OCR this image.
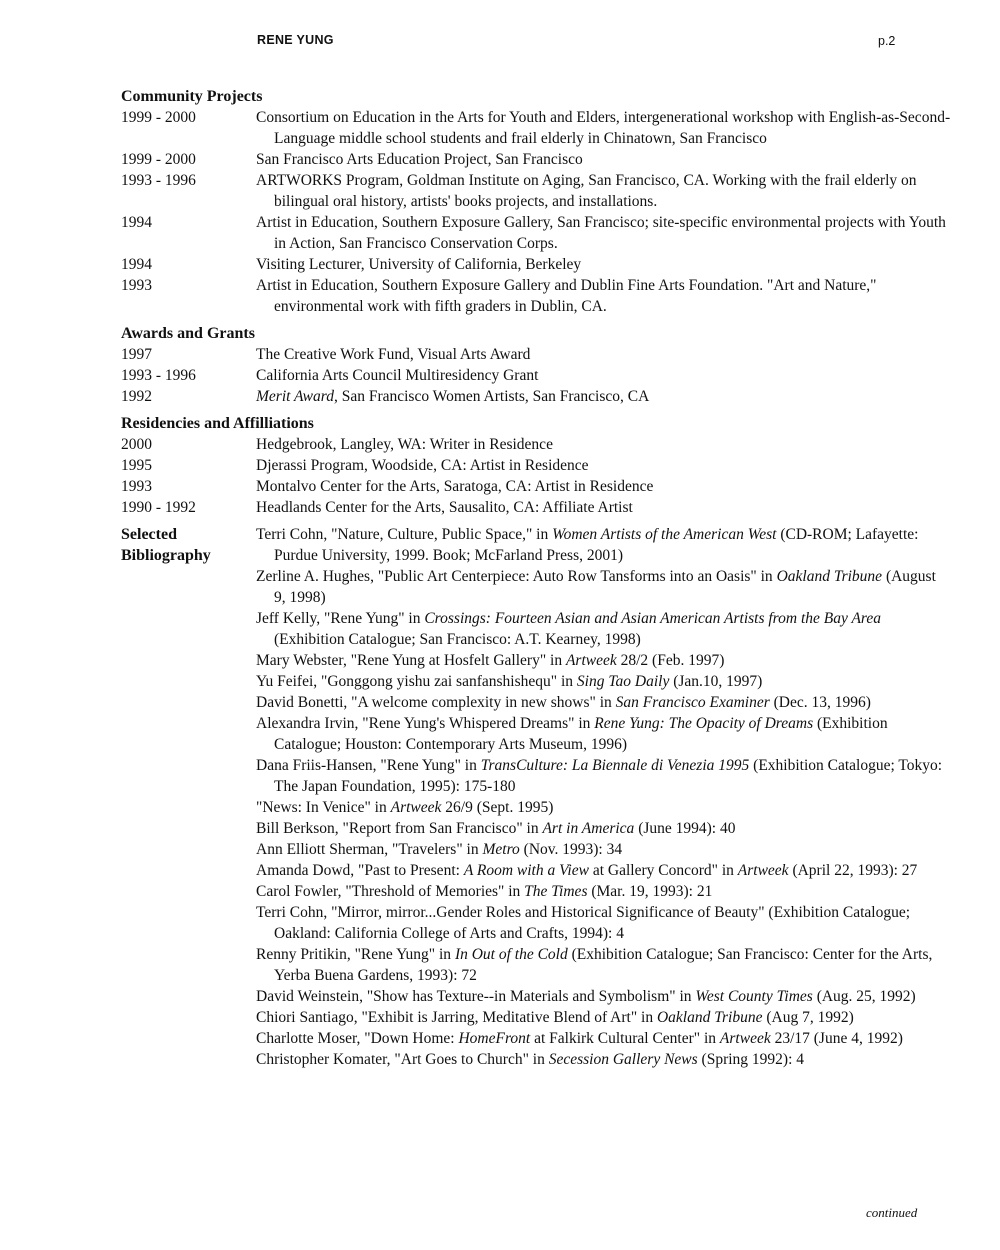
RENE YUNG	p.2
Community Projects
1999 - 2000	Consortium on Education in the Arts for Youth and Elders, intergenerational workshop with English-as-Second-Language middle school students and frail elderly in Chinatown, San Francisco
1999 - 2000	San Francisco Arts Education Project, San Francisco
1993 - 1996	ARTWORKS Program, Goldman Institute on Aging, San Francisco, CA. Working with the frail elderly on bilingual oral history, artists' books projects, and installations.
1994	Artist in Education, Southern Exposure Gallery, San Francisco; site-specific environmental projects with Youth in Action, San Francisco Conservation Corps.
1994	Visiting Lecturer, University of California, Berkeley
1993	Artist in Education, Southern Exposure Gallery and Dublin Fine Arts Foundation. "Art and Nature," environmental work with fifth graders in Dublin, CA.
Awards and Grants
1997	The Creative Work Fund, Visual Arts Award
1993 - 1996	California Arts Council Multiresidency Grant
1992	Merit Award, San Francisco Women Artists, San Francisco, CA
Residencies and Affilliations
2000	Hedgebrook, Langley, WA: Writer in Residence
1995	Djerassi Program, Woodside, CA: Artist in Residence
1993	Montalvo Center for the Arts, Saratoga, CA: Artist in Residence
1990 - 1992	Headlands Center for the Arts, Sausalito, CA: Affiliate Artist
Selected
Bibliography
Terri Cohn, "Nature, Culture, Public Space," in Women Artists of the American West (CD-ROM; Lafayette: Purdue University, 1999. Book; McFarland Press, 2001)
Zerline A. Hughes, "Public Art Centerpiece: Auto Row Tansforms into an Oasis" in Oakland Tribune (August 9, 1998)
Jeff Kelly, "Rene Yung" in Crossings: Fourteen Asian and Asian American Artists from the Bay Area (Exhibition Catalogue; San Francisco: A.T. Kearney, 1998)
Mary Webster, "Rene Yung at Hosfelt Gallery" in Artweek 28/2 (Feb. 1997)
Yu Feifei, "Gonggong yishu zai sanfanshishequ" in Sing Tao Daily (Jan.10, 1997)
David Bonetti, "A welcome complexity in new shows" in San Francisco Examiner (Dec. 13, 1996)
Alexandra Irvin, "Rene Yung's Whispered Dreams" in Rene Yung: The Opacity of Dreams (Exhibition Catalogue; Houston: Contemporary Arts Museum, 1996)
Dana Friis-Hansen, "Rene Yung" in TransCulture: La Biennale di Venezia 1995 (Exhibition Catalogue; Tokyo: The Japan Foundation, 1995): 175-180
"News: In Venice" in Artweek 26/9 (Sept. 1995)
Bill Berkson, "Report from San Francisco" in Art in America (June 1994): 40
Ann Elliott Sherman, "Travelers" in Metro (Nov. 1993): 34
Amanda Dowd, "Past to Present: A Room with a View at Gallery Concord" in Artweek (April 22, 1993): 27
Carol Fowler, "Threshold of Memories" in The Times (Mar. 19, 1993): 21
Terri Cohn, "Mirror, mirror...Gender Roles and Historical Significance of Beauty" (Exhibition Catalogue; Oakland: California College of Arts and Crafts, 1994): 4
Renny Pritikin, "Rene Yung" in In Out of the Cold (Exhibition Catalogue; San Francisco: Center for the Arts, Yerba Buena Gardens, 1993): 72
David Weinstein, "Show has Texture--in Materials and Symbolism" in West County Times (Aug. 25, 1992)
Chiori Santiago, "Exhibit is Jarring, Meditative Blend of Art" in Oakland Tribune (Aug 7, 1992)
Charlotte Moser, "Down Home: HomeFront at Falkirk Cultural Center" in Artweek 23/17 (June 4, 1992)
Christopher Komater, "Art Goes to Church" in Secession Gallery News (Spring 1992): 4
continued
